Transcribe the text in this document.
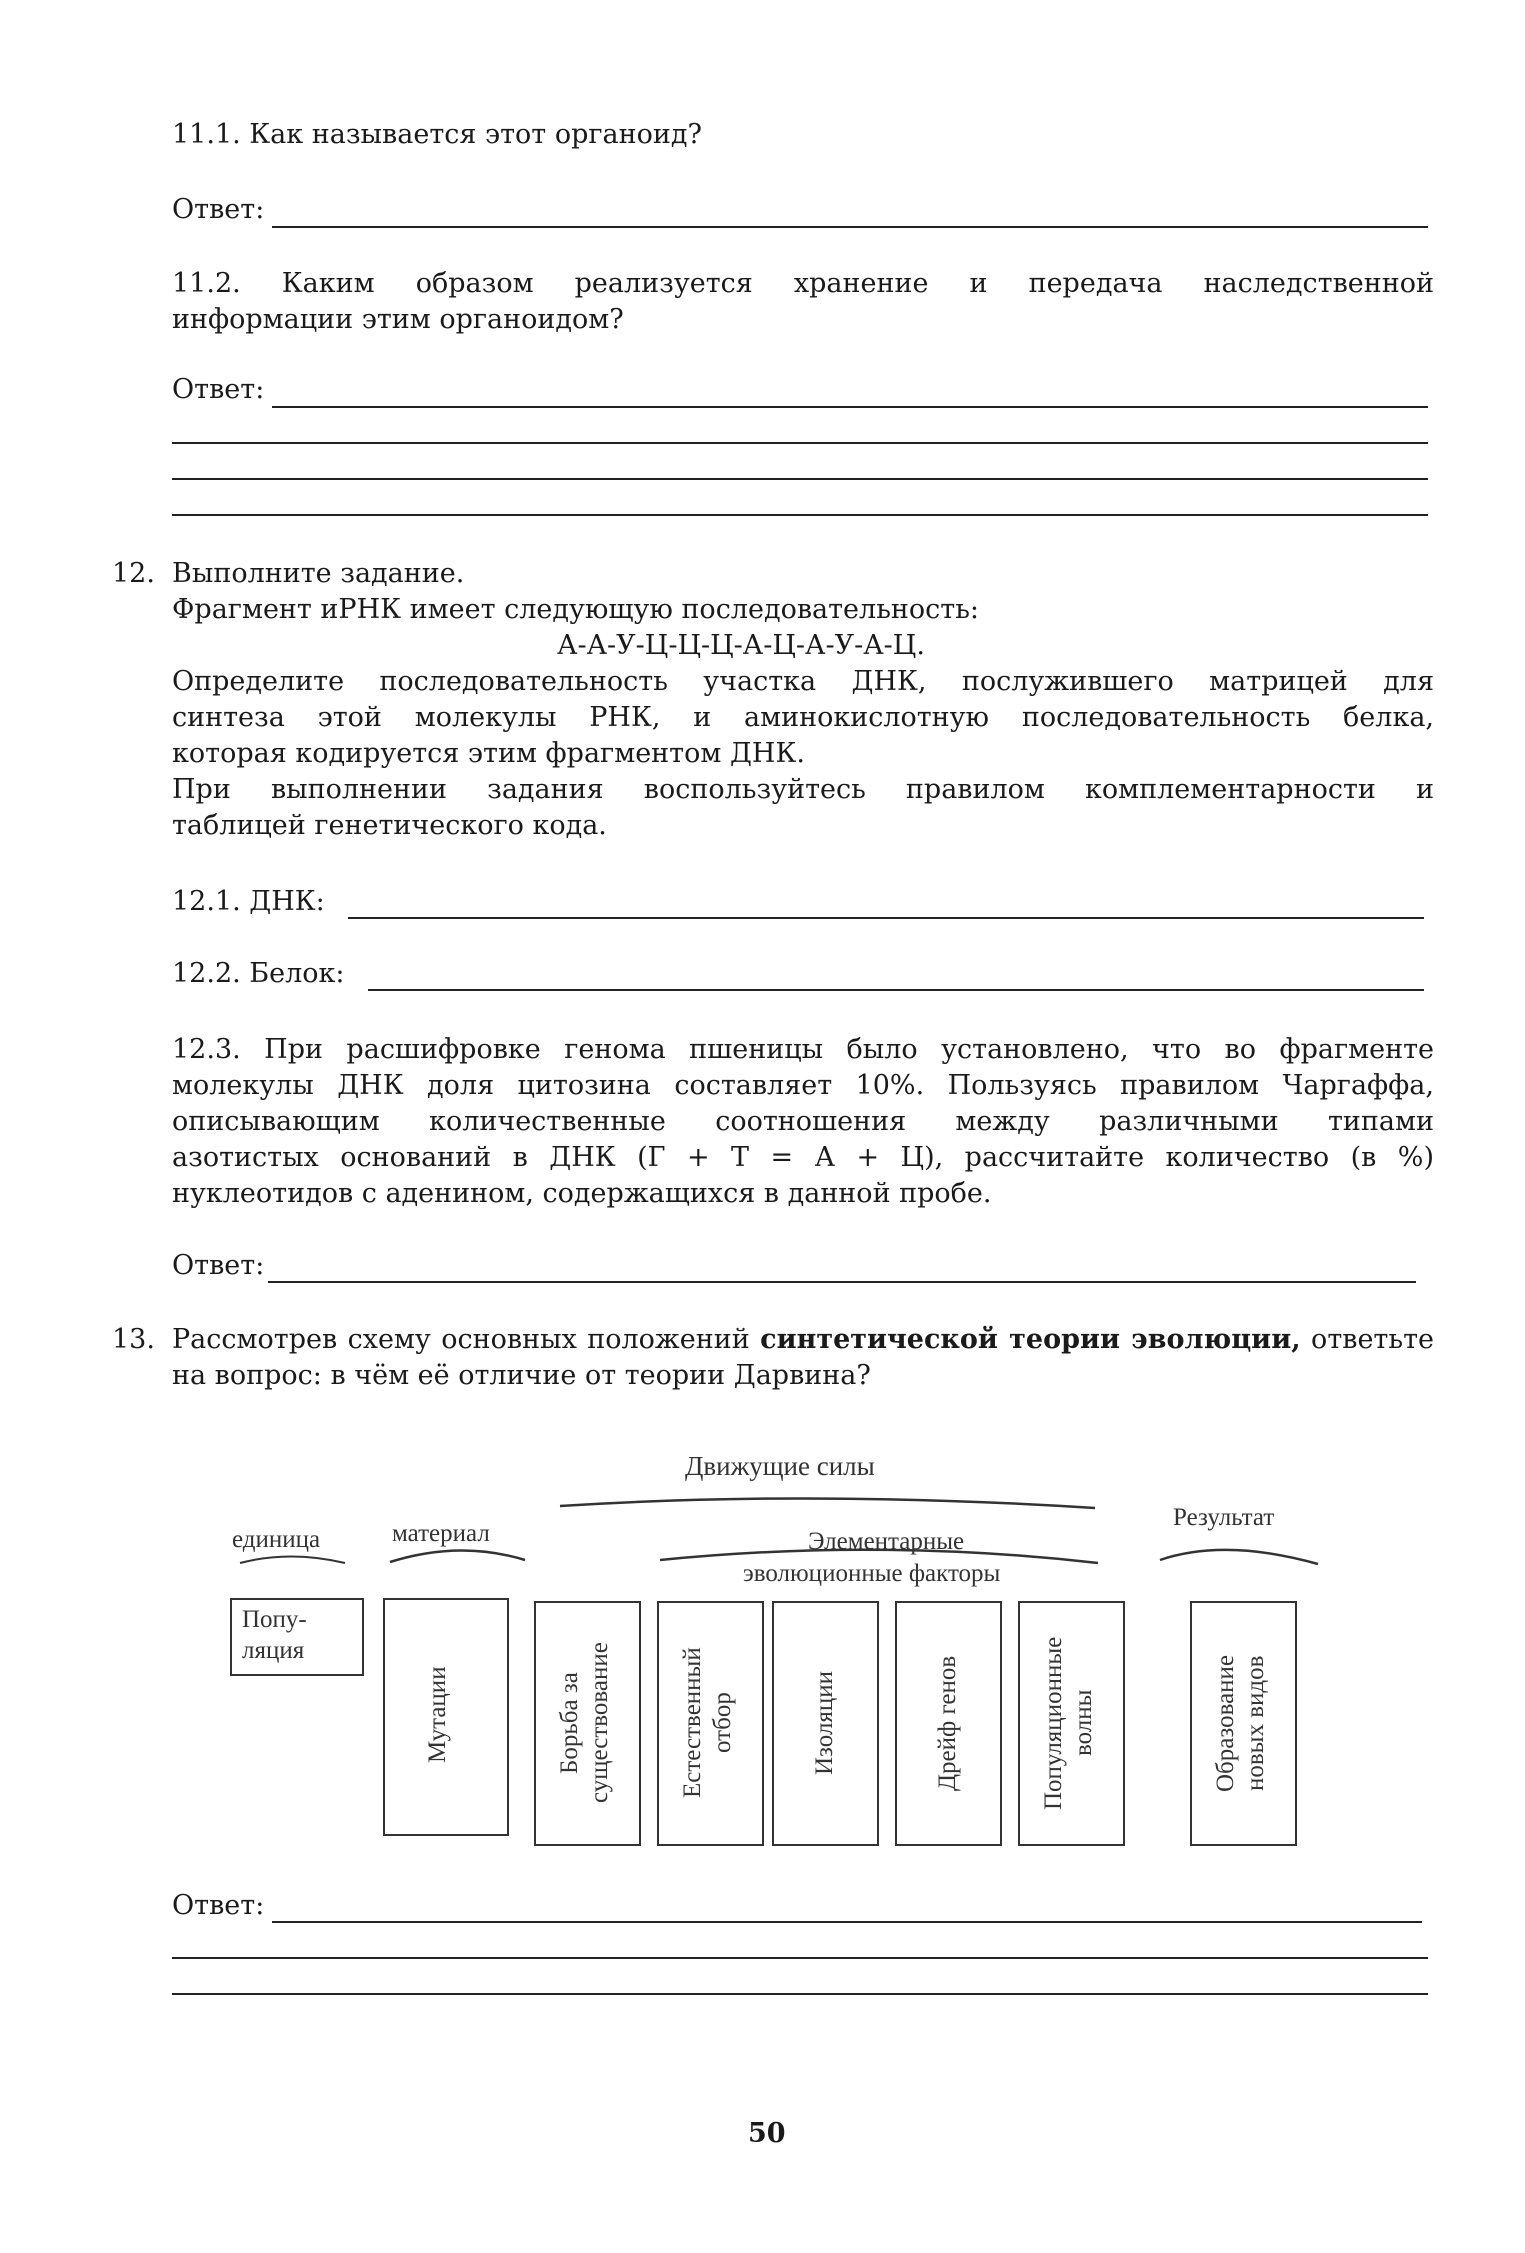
11.1. Как называется этот органоид?
Ответ:
11.2. Каким образом реализуется хранение и передача наследственной
информации этим органоидом?
Ответ:
12. Выполните задание.
Фрагмент иРНК имеет следующую последовательность:
А-А-У-Ц-Ц-Ц-А-Ц-А-У-А-Ц.
Определите последовательность участка ДНК, послужившего матрицей для
синтеза этой молекулы РНК, и аминокислотную последовательность белка,
которая кодируется этим фрагментом ДНК.
При выполнении задания воспользуйтесь правилом комплементарности и
таблицей генетического кода.
12.1. ДНК:
12.2. Белок:
12.3. При расшифровке генома пшеницы было установлено, что во фрагменте
молекулы ДНК доля цитозина составляет 10%. Пользуясь правилом Чаргаффа,
описывающим количественные соотношения между различными типами
азотистых оснований в ДНК (Г + Т = А + Ц), рассчитайте количество (в %)
нуклеотидов с аденином, содержащихся в данной пробе.
Ответ:
13. Рассмотрев схему основных положений синтетической теории эволюции, ответьте
на вопрос: в чём её отличие от теории Дарвина?
Движущие силы
единица	материал	Элементарные
эволюционные факторы
Результат
Попу-
ляция
Мутации	Борьба за существование	Естественный отбор	Изоляции	Дрейф генов	Популяционные волны	Образование новых видов
Ответ:
50
